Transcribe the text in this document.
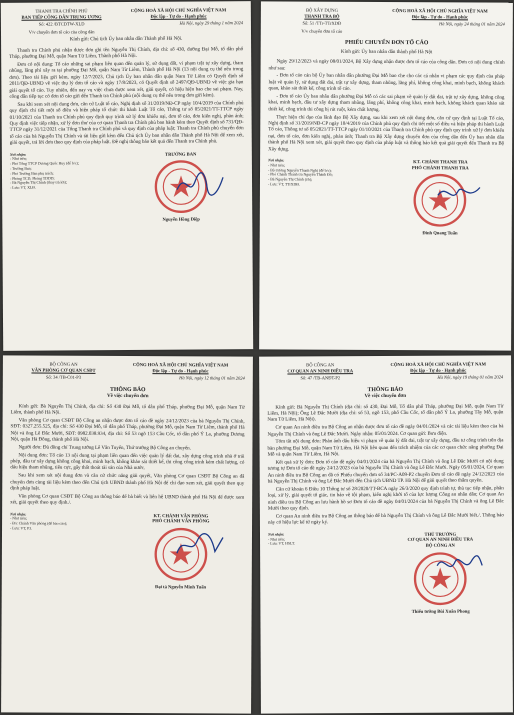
THANH TRA CHÍNH PHỦ
BAN TIẾP CÔNG DÂN TRUNG ƯƠNG
Số: 422 /BTCDTW-XLD
V/v chuyển đơn tố cáo của công dân
CỘNG HOÀ XÃ HỘI CHỦ NGHĨA VIỆT NAM
Độc lập - Tự do - Hạnh phúc
Hà Nội, ngày 29 tháng 1 năm 2024
Kính gửi: Chủ tịch Ủy ban nhân dân Thành phố Hà Nội.

Thanh tra Chính phủ nhận được đơn ghi tên Nguyễn Thị Chính, địa chỉ: số 430, đường Đại Mỗ, tổ dân phố Tháp, phường Đại Mỗ, quận Nam Từ Liêm, Thành phố Hà Nội.

Đơn có nội dung: Tố cáo những sai phạm liên quan đến quản lý, sử dụng đất, vi phạm trật tự xây dựng, tham nhũng, lãng phí xây ra tại phường Đại Mỗ, quận Nam Từ Liêm, Thành phố Hà Nội (13 nội dung cụ thể nêu trong đơn). Theo tài liệu gửi kèm, ngày 12/7/2023, Chủ tịch Ủy ban nhân dân quận Nam Từ Liêm có Quyết định số 2011/QĐ-UBND về việc thụ lý đơn tố cáo và ngày 17/8/2023, có Quyết định số 2497/QĐ-UBND về việc gia hạn giải quyết tố cáo. Tuy nhiên, đến nay vụ việc chưa được xem xét, giải quyết, có hiệu hiện bao che sai phạm. Nay, công dân tiếp tục có đơn tố cáo gửi đến Thanh tra Chính phủ (nội dung cụ thể nêu trong đơn gửi kèm).

Sau khi xem xét nội dung đơn, căn cứ Luật tố cáo, Nghị định số 31/2019/NĐ-CP ngày 10/4/2019 của Chính phủ quy định chi tiết một số điều và biện pháp tổ chức thi hành Luật Tố cáo, Thông tư số 05/2021/TT-TTCP ngày 01/10/2021 của Thanh tra Chính phủ quy định quy trình xử lý đơn khiếu nại, đơn tố cáo, đơn kiến nghị, phản ánh; Quy định việc tiếp nhận, xử lý đơn thư của cơ quan Thanh tra Chính phủ ban hành kèm theo Quyết định số 731/QĐ-TTCP ngày 31/12/2021 của Tổng Thanh tra Chính phủ và quy định của pháp luật; Thanh tra Chính phủ chuyển đơn tố cáo của bà Nguyễn Thị Chính và tài liệu gửi kèm đến Chủ tịch Ủy ban nhân dân Thành phố Hà Nội để xem xét, giải quyết, trả lời đơn theo quy định của pháp luật. Đề nghị thông báo kết quả đến Thanh tra Chính phủ.

Nơi nhận:
- Như trên;
- Phó Tổng TTCP Dương Quốc Huy (để b/c);
- Trưởng Ban;
- Phó Trưởng Ban phụ trách;
- Phòng TCD, Phòng TDDD;
- Bà Nguyễn Thị Chính (thay trả lời);
- Lưu: VT, XLĐ.
TRƯỞNG BAN
Nguyễn Hồng Điệp
BỘ XÂY DỰNG
THANH TRA BỘ
Số: 51 /TTr-TTrXDĐ
V/v chuyển đơn tố cáo
CỘNG HOÀ XÃ HỘI CHỦ NGHĨA VIỆT NAM
Độc lập - Tự do - Hạnh phúc
Hà Nội, ngày 24 tháng 01 năm 2024
PHIẾU CHUYỂN ĐƠN TỐ CÁO
Kính gửi: Ủy ban nhân dân thành phố Hà Nội

Ngày 29/12/2023 và ngày 08/01/2024, Bộ Xây dựng nhận được đơn tố cáo của công dân. Đơn có nội dung chính như sau:

- Đơn tố cáo cán bộ Ủy ban nhân dân phường Đại Mỗ bao che cho các cá nhân vi phạm các quy định của pháp luật về quản lý, sử dụng đất đai, trật tự xây dựng, tham nhũng, lãng phí, không công khai, minh bạch, không khách quan, khảo sát thiết kế, công trình tố cáo.

- Đơn tố cáo Ủy ban nhân dân phường Đại Mỗ có các sai phạm về quản lý đất đai, trật tự xây dựng, không công khai, minh bạch, đầu tư xây dựng tham nhũng, lãng phí, không công khai, minh bạch, không khách quan khảo sát thiết kế, công trình thi công bị rút ruột, kém chất lượng.

Thực hiện chỉ đạo của lãnh đạo Bộ Xây dựng, sau khi xem xét nội dung đơn, căn cứ quy định tại Luật Tố cáo, Nghị định số 31/2019/NĐ-CP ngày 10/4/2019 của Chính phủ quy định chi tiết một số điều và biện pháp thi hành Luật Tố cáo, Thông tư số 05/2021/TT-TTCP ngày 01/10/2021 của Thanh tra Chính phủ quy định quy trình xử lý đơn khiếu nại, đơn tố cáo, đơn kiến nghị, phản ánh; Thanh tra Bộ Xây dựng chuyển đơn của công dân đến Ủy ban nhân dân thành phố Hà Nội xem xét, giải quyết theo quy định của pháp luật và thông báo kết quả giải quyết đến Thanh tra Bộ Xây dựng.

Nơi nhận:
- Như trên;
- Bộ trưởng Nguyễn Thanh Nghị (để b/c);
- Phó Chánh Thanh tra Nguyễn Thành Đô;
- Bà Nguyễn Thị Chính (t/b);
- Lưu: VT, TTrXDĐ.
KT. CHÁNH THANH TRA
PHÓ CHÁNH THANH TRA
Đinh Quang Tuấn
BỘ CÔNG AN
VĂN PHÒNG CƠ QUAN CSĐT
Số: 34 /TB-C01-P3
CỘNG HOÀ XÃ HỘI CHỦ NGHĨA VIỆT NAM
Độc lập - Tự do - Hạnh phúc
Hà Nội, ngày 12 tháng 01 năm 2024
THÔNG BÁO
Về việc chuyển đơn

Kính gửi: Bà Nguyễn Thị Chính, địa chỉ: Số 430 Đại Mỗ, tổ dân phố Tháp, phường Đại Mỗ, quận Nam Từ Liêm, thành phố Hà Nội.

Văn phòng Cơ quan CSĐT Bộ Công an nhận được đơn tố cáo đề ngày 24/12/2023 của bà Nguyễn Thị Chính, SĐT: 0327.255.525, địa chỉ: Số 430 Đại Mỗ, tổ dân phố Tháp, phường Đại Mỗ, quận Nam Từ Liêm, thành phố Hà Nội và ông Lê Đắc Mười, SĐT: 0982.038.934, địa chỉ: Số 53 ngõ 153 Cầu Cốc, tổ dân phố Ỷ La, phường Dương Nội, quận Hà Đông, thành phố Hà Nội.

Người đơn: Đủ đồng chí Trung tướng Lê Văn Tuyến, Thứ trưởng Bộ Công an chuyển.

Nội dung đơn: Tố cáo 13 nội dung tại phạm liên quan đến việc quản lý đất đai, xây dựng công trình nhà ở trái phép, đầu tư xây dựng không công khai, minh bạch, không khảo sát thiết kế, thi công công trình kém chất lượng, có dấu hiệu tham nhũng, tiêu cực, gây thất thoát tài sản của Nhà nước.

Sau khi xem xét nội dung đơn và căn cứ chức năng giải quyết, Văn phòng Cơ quan CSĐT Bộ Công an đã chuyển đơn cùng tài liệu kèm theo đến Chủ tịch UBND thành phố Hà Nội để chỉ đạo xem xét, giải quyết theo quy định pháp luật.

Văn phòng Cơ quan CSĐT Bộ Công an thông báo để bà biết và liên hệ UBND thành phố Hà Nội để được xem xét, giải quyết theo quy định./.

Nơi nhận:
- Như trên;
- Đ/c Chánh Văn phòng (để báo cáo);
- Lưu: VT, P3.
KT. CHÁNH VĂN PHÒNG
PHÓ CHÁNH VĂN PHÒNG
Đại tá Nguyễn Minh Tuấn
BỘ CÔNG AN
CƠ QUAN AN NINH ĐIỀU TRA
Số: 47 /TB-ANĐT-P2
CỘNG HOÀ XÃ HỘI CHỦ NGHĨA VIỆT NAM
Độc lập - Tự do - Hạnh phúc
Hà Nội, ngày 19 tháng 01 năm 2024
THÔNG BÁO
Về việc chuyển đơn

Kính gửi: Bà Nguyễn Thị Chính (địa chỉ: số 430, Đại Mỗ, Tổ dân phố Tháp, phường Đại Mỗ, quận Nam Từ Liêm, Hà Nội); Ông Lê Đắc Mười (địa chỉ: số 53, ngõ 153, phố Cầu Cốc, tổ dân phố Ỷ La, phường Tây Mỗ, quận Nam Từ Liêm, Hà Nội).

Cơ quan An ninh điều tra Bộ Công an nhận được đơn tố cáo đề ngày 04/01/2024 và các tài liệu kèm theo của bà Nguyễn Thị Chính và ông Lê Đắc Mười. Ngày nhận: 05/01/2024. Cơ quan gửi: Bưu điện.

Tóm tắt nội dung đơn: Phản ánh dấu hiệu vi phạm về quản lý đất đai, trật tự xây dựng, đầu tư công trình trên địa bàn phường Đại Mỗ, quận Nam Từ Liêm, Hà Nội liên quan đến trách nhiệm của các cơ quan chức năng phường Đại Mỗ và quận Nam Từ Liêm, Hà Nội.

Kết quả xử lý đơn: Đơn tố cáo đề ngày 04/01/2024 của bà Nguyễn Thị Chính và ông Lê Đắc Mười có nội dung tương tự Đơn tố cáo đề ngày 24/12/2023 của bà Nguyễn Thị Chính và ông Lê Đắc Mười. Ngày 05/01/2024, Cơ quan An ninh điều tra Bộ Công an đã có Phiếu chuyển đơn số 34/PC-A09-P2 chuyển Đơn tố cáo đề ngày 24/12/2023 của bà Nguyễn Thị Chính và ông Lê Đắc Mười đến Chủ tịch UBND TP. Hà Nội để giải quyết theo thẩm quyền.

Căn cứ khoản 6 Điều 10 Thông tư số 28/2020/TT-BCA ngày 26/3/2020 quy định trình tự, thủ tục tiếp nhận, phân loại, xử lý, giải quyết tố giác, tin báo về tội phạm, kiến nghị khởi tố của lực lượng Công an nhân dân; Cơ quan An ninh điều tra Bộ Công an lưu hành hồ sơ Đơn tố cáo đề ngày 04/01/2024 của bà Nguyễn Thị Chính và ông Lê Đắc Mười theo quy định.

Cơ quan An ninh điều tra Bộ Công an thông báo để bà Nguyễn Thị Chính và ông Lê Đắc Mười biết./. Thông báo này có hiệu lực kể từ ngày ký.

Nơi nhận:
- Như trên;
- Lưu: VT, HSLT.
THỦ TRƯỞNG
CƠ QUAN AN NINH ĐIỀU TRA
BỘ CÔNG AN
Thiếu tướng Bùi Xuân Phong
